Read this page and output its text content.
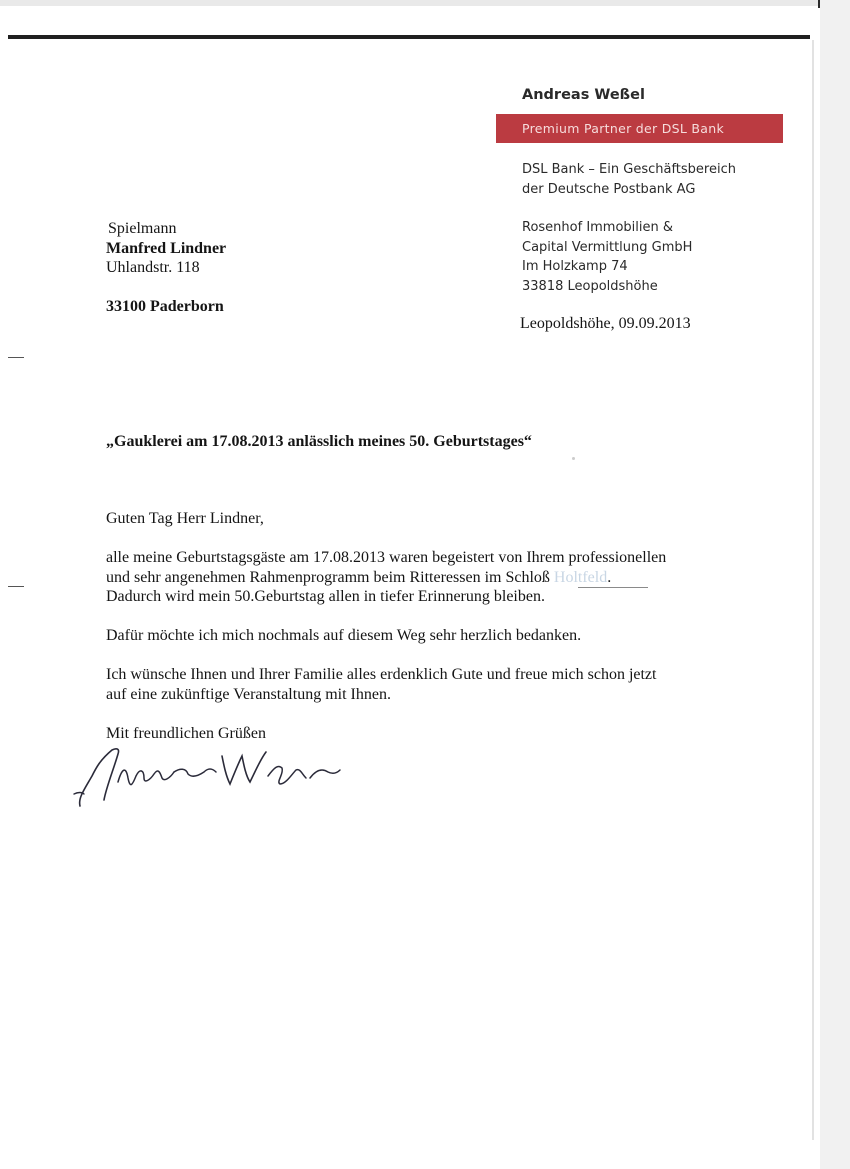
Andreas Weßel
Premium Partner der DSL Bank
DSL Bank – Ein Geschäftsbereich
der Deutsche Postbank AG
Rosenhof Immobilien &
Capital Vermittlung GmbH
Im Holzkamp 74
33818 Leopoldshöhe
Spielmann
Manfred Lindner
Uhlandstr. 118
33100 Paderborn
Leopoldshöhe, 09.09.2013
„Gauklerei am 17.08.2013 anlässlich meines 50. Geburtstages“

Guten Tag Herr Lindner,

alle meine Geburtstagsgäste am 17.08.2013 waren begeistert von Ihrem professionellen

und sehr angenehmen Rahmenprogramm beim Ritteressen im Schloß Holtfeld.

Dadurch wird mein 50.Geburtstag allen in tiefer Erinnerung bleiben.

Dafür möchte ich mich nochmals auf diesem Weg sehr herzlich bedanken.

Ich wünsche Ihnen und Ihrer Familie alles erdenklich Gute und freue mich schon jetzt

auf eine zukünftige Veranstaltung mit Ihnen.

Mit freundlichen Grüßen
